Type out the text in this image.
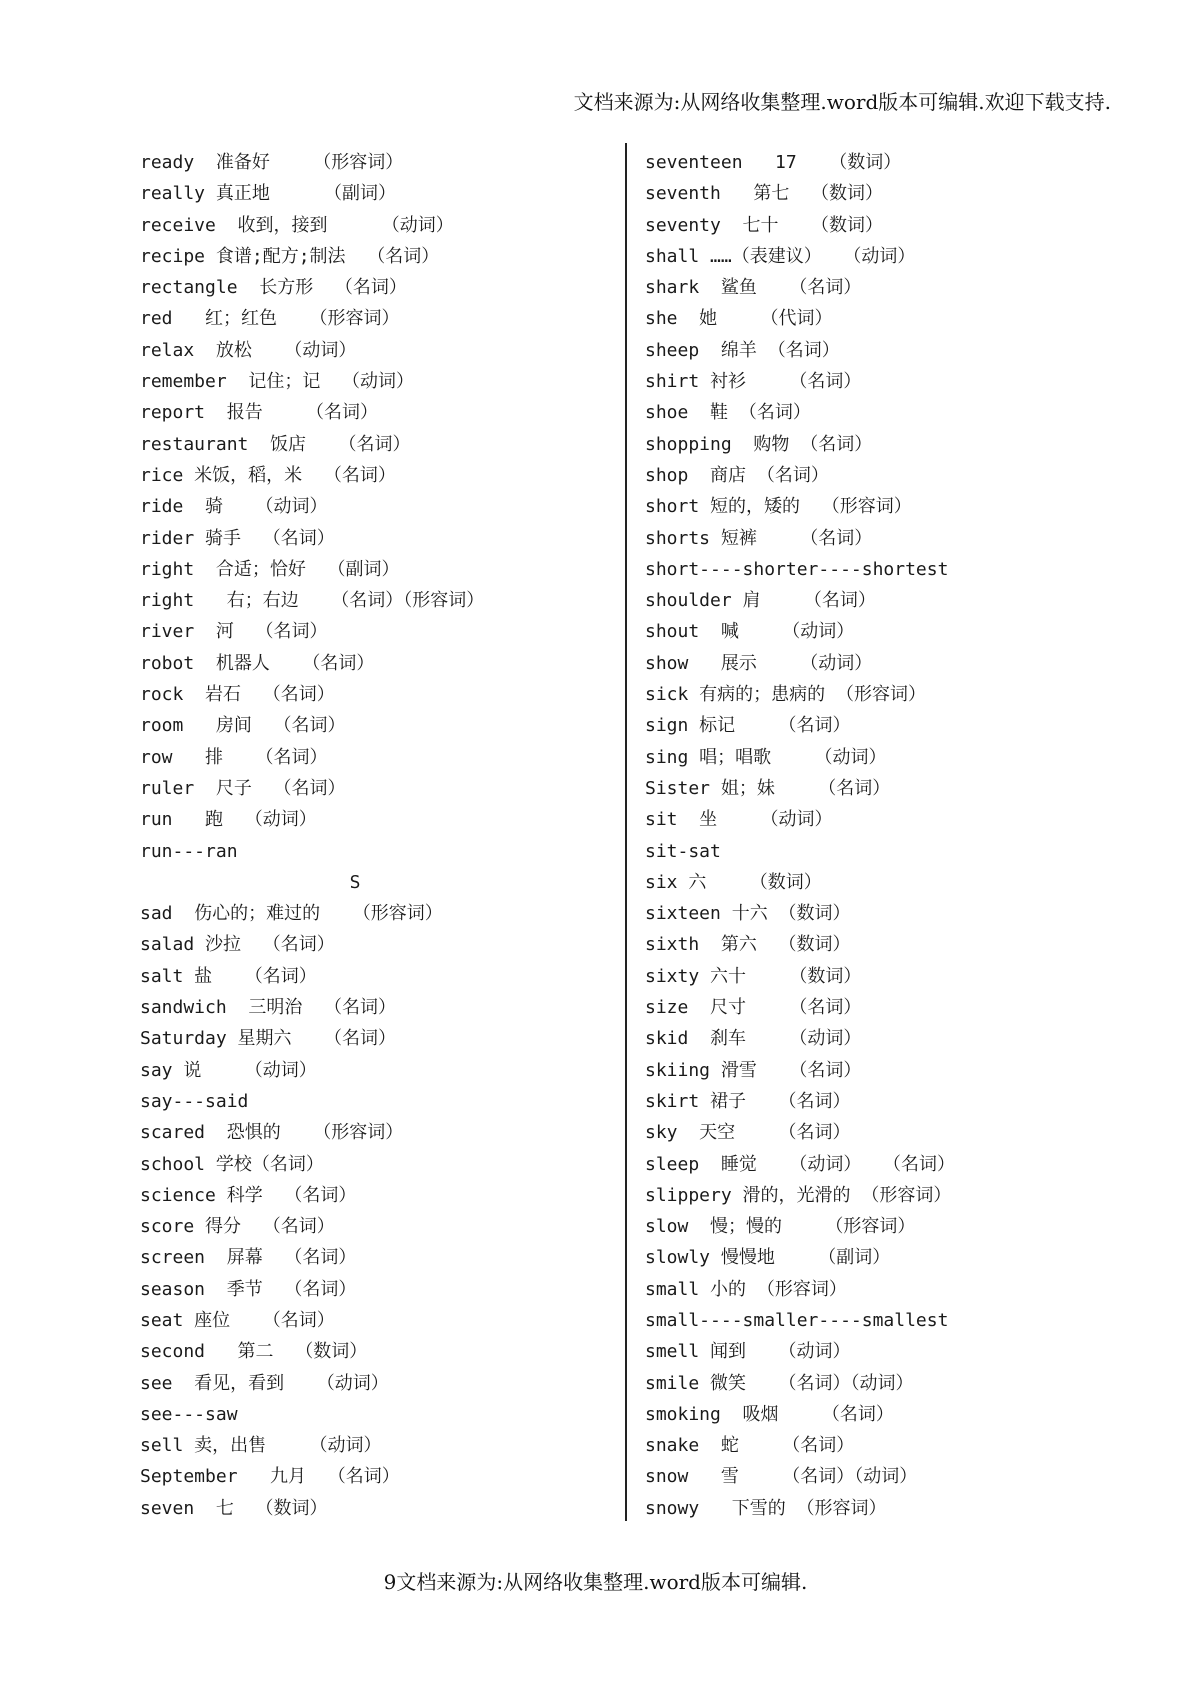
文档来源为:从网络收集整理.word版本可编辑.欢迎下载支持.
ready  准备好    （形容词）
really 真正地     （副词）
receive  收到，接到     （动词）
recipe 食谱;配方;制法  （名词）
rectangle  长方形  （名词）
red   红；红色   （形容词）
relax  放松   （动词）
remember  记住；记  （动词）
report  报告    （名词）
restaurant  饭店   （名词）
rice 米饭，稻，米  （名词）
ride  骑   （动词）
rider 骑手  （名词）
right  合适；恰好  （副词）
right   右；右边   （名词）（形容词）
river  河  （名词）
robot  机器人   （名词）
rock  岩石  （名词）
room   房间  （名词）
row   排   （名词）
ruler  尺子  （名词）
run   跑  （动词）
run---ran
S
sad  伤心的；难过的   （形容词）
salad 沙拉  （名词）
salt 盐   （名词）
sandwich  三明治  （名词）
Saturday 星期六   （名词）
say 说    （动词）
say---said
scared  恐惧的   （形容词）
school 学校（名词）
science 科学  （名词）
score 得分  （名词）
screen  屏幕  （名词）
season  季节  （名词）
seat 座位   （名词）
second   第二  （数词）
see  看见，看到   （动词）
see---saw
sell 卖，出售    （动词）
September   九月  （名词）
seven  七  （数词）
seventeen   17   （数词）
seventh   第七  （数词）
seventy  七十   （数词）
shall ……（表建议）  （动词）
shark  鲨鱼   （名词）
she  她    （代词）
sheep  绵羊 （名词）
shirt 衬衫    （名词）
shoe  鞋 （名词）
shopping  购物 （名词）
shop  商店 （名词）
short 短的，矮的  （形容词）
shorts 短裤    （名词）
short----shorter----shortest
shoulder 肩    （名词）
shout  喊    （动词）
show   展示    （动词）
sick 有病的；患病的 （形容词）
sign 标记    （名词）
sing 唱；唱歌    （动词）
Sister 姐；妹    （名词）
sit  坐    （动词）
sit-sat
six 六    （数词）
sixteen 十六 （数词）
sixth  第六  （数词）
sixty 六十    （数词）
size  尺寸    （名词）
skid  刹车    （动词）
skiing 滑雪   （名词）
skirt 裙子   （名词）
sky  天空    （名词）
sleep  睡觉   （动词）  （名词）
slippery 滑的，光滑的 （形容词）
slow  慢；慢的    （形容词）
slowly 慢慢地    （副词）
small 小的 （形容词）
small----smaller----smallest
smell 闻到   （动词）
smile 微笑   （名词）（动词）
smoking  吸烟    （名词）
snake  蛇    （名词）
snow   雪    （名词）（动词）
snowy   下雪的 （形容词）
9文档来源为:从网络收集整理.word版本可编辑.
